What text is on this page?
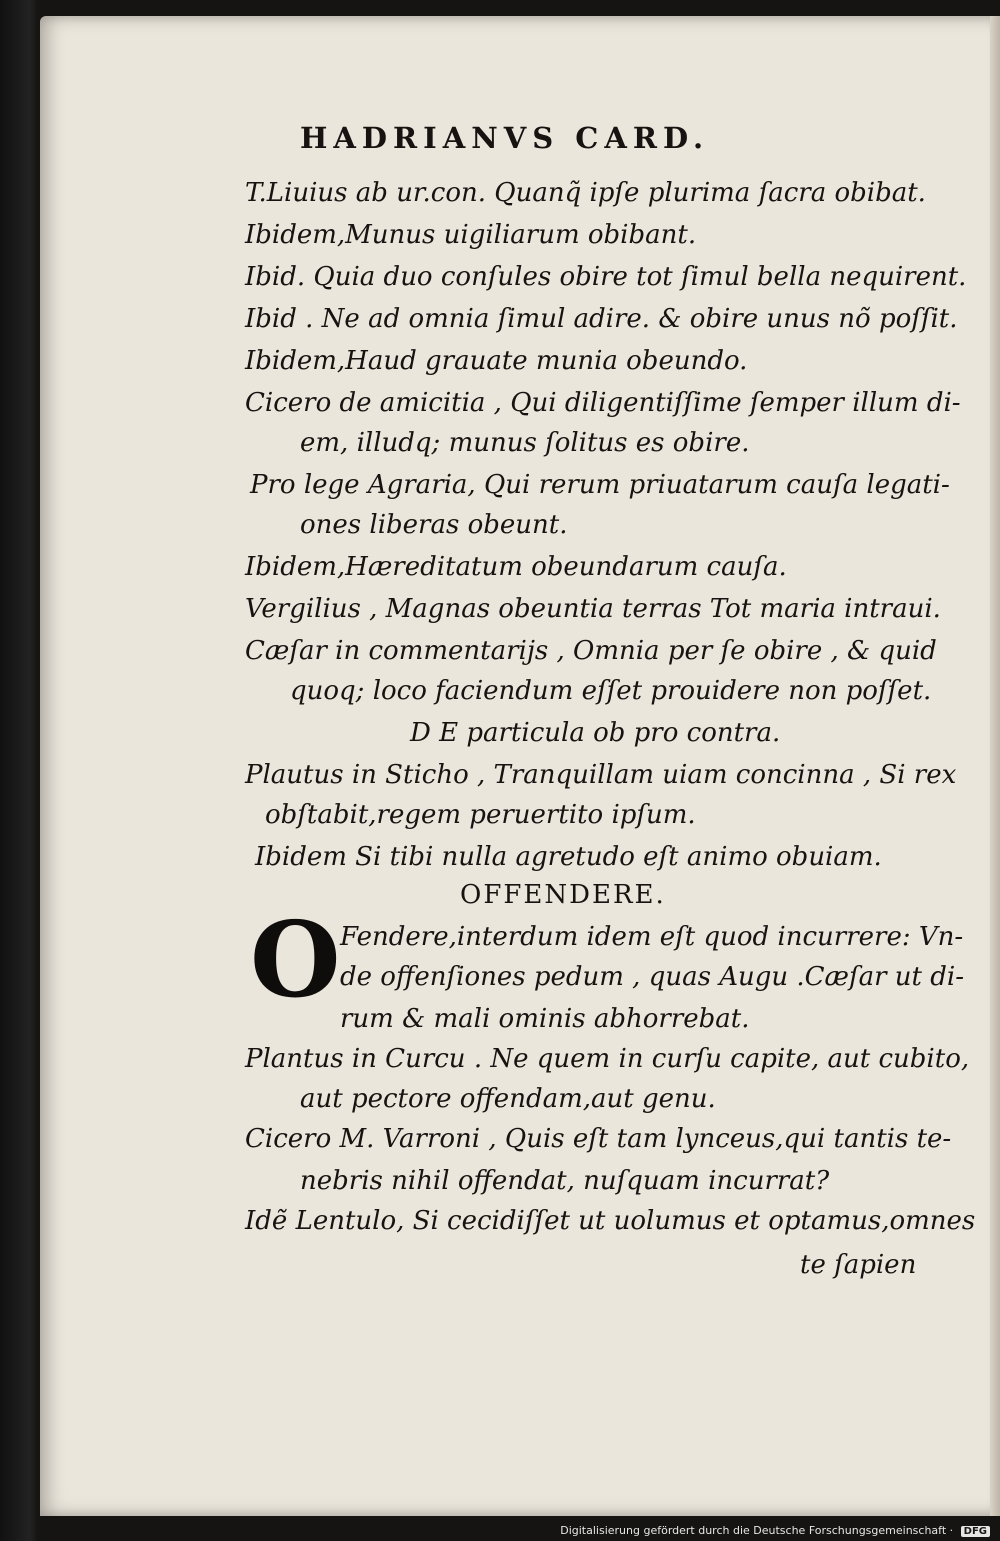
HADRIANVS CARD.
T.Liuius ab ur.con. Quanq̃ ipſe plurima ſacra obibat.
Ibidem,Munus uigiliarum obibant.
Ibid. Quia duo conſules obire tot ſimul bella nequirent.
Ibid . Ne ad omnia ſimul adire. & obire unus nõ poſſit.
Ibidem,Haud grauate munia obeundo.
Cicero de amicitia , Qui diligentiſſime ſemper illum di-
em, illudq; munus ſolitus es obire.
Pro lege Agraria, Qui rerum priuatarum cauſa legati-
ones liberas obeunt.
Ibidem,Hæreditatum obeundarum cauſa.
Vergilius , Magnas obeuntia terras Tot maria intraui.
Cæſar in commentarijs , Omnia per ſe obire , & quid
quoq; loco faciendum eſſet prouidere non poſſet.
D E particula ob pro contra.
Plautus in Sticho , Tranquillam uiam concinna , Si rex
obſtabit,regem peruertito ipſum.
Ibidem Si tibi nulla agretudo eſt animo obuiam.
OFFENDERE.
O Fendere,interdum idem eſt quod incurrere: Vn-
de offenſiones pedum , quas Augu .Cæſar ut di-
rum & mali ominis abhorrebat.
Plantus in Curcu . Ne quem in curſu capite, aut cubito,
aut pectore offendam,aut genu.
Cicero M. Varroni , Quis eſt tam lynceus,qui tantis te-
nebris nihil offendat, nuſquam incurrat?
Idẽ Lentulo, Si cecidiſſet ut uolumus et optamus,omnes
te ſapien
Digitalisierung gefördert durch die Deutsche Forschungsgemeinschaft · DFG
